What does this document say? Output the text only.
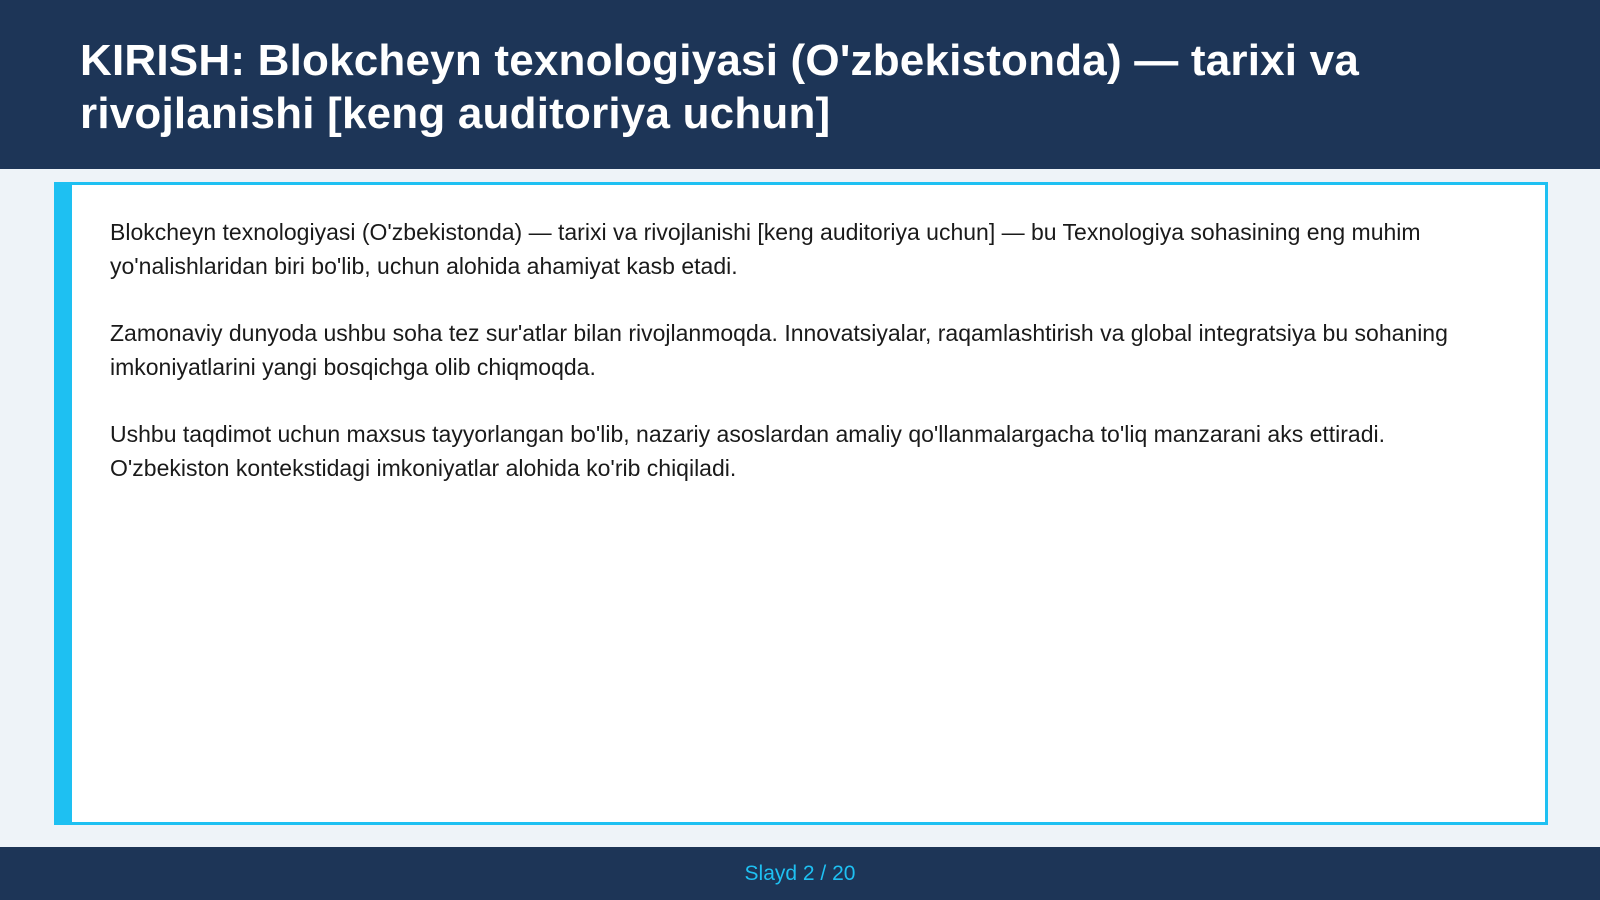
KIRISH: Blokcheyn texnologiyasi (O'zbekistonda) — tarixi va rivojlanishi [keng auditoriya uchun]

Blokcheyn texnologiyasi (O'zbekistonda) — tarixi va rivojlanishi [keng auditoriya uchun] — bu Texnologiya sohasining eng muhim yo'nalishlaridan biri bo'lib, uchun alohida ahamiyat kasb etadi.

Zamonaviy dunyoda ushbu soha tez sur'atlar bilan rivojlanmoqda. Innovatsiyalar, raqamlashtirish va global integratsiya bu sohaning imkoniyatlarini yangi bosqichga olib chiqmoqda.

Ushbu taqdimot uchun maxsus tayyorlangan bo'lib, nazariy asoslardan amaliy qo'llanmalargacha to'liq manzarani aks ettiradi. O'zbekiston kontekstidagi imkoniyatlar alohida ko'rib chiqiladi.

Slayd 2 / 20
